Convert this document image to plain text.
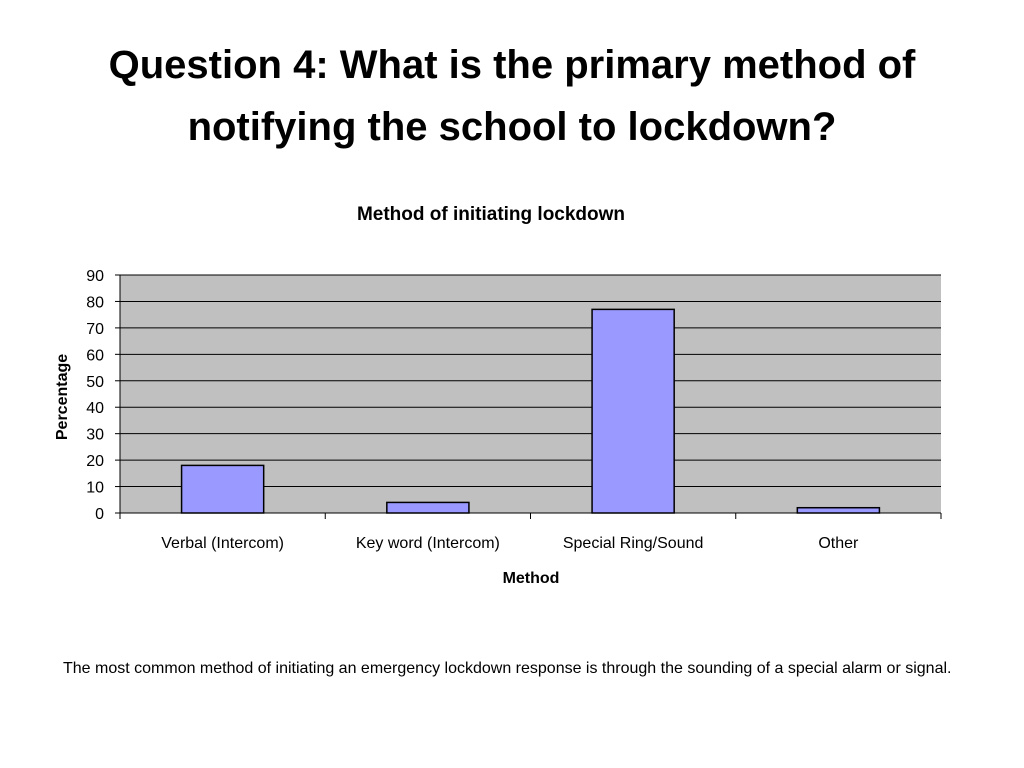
Question 4: What is the primary method of notifying the school to lockdown?
Method of initiating lockdown
0
10
20
30
40
50
60
70
80
90
Verbal (Intercom)	Key word (Intercom)	Special Ring/Sound	Other
Percentage
Method
The most common method of initiating an emergency lockdown response is through the sounding of a special alarm or signal.
